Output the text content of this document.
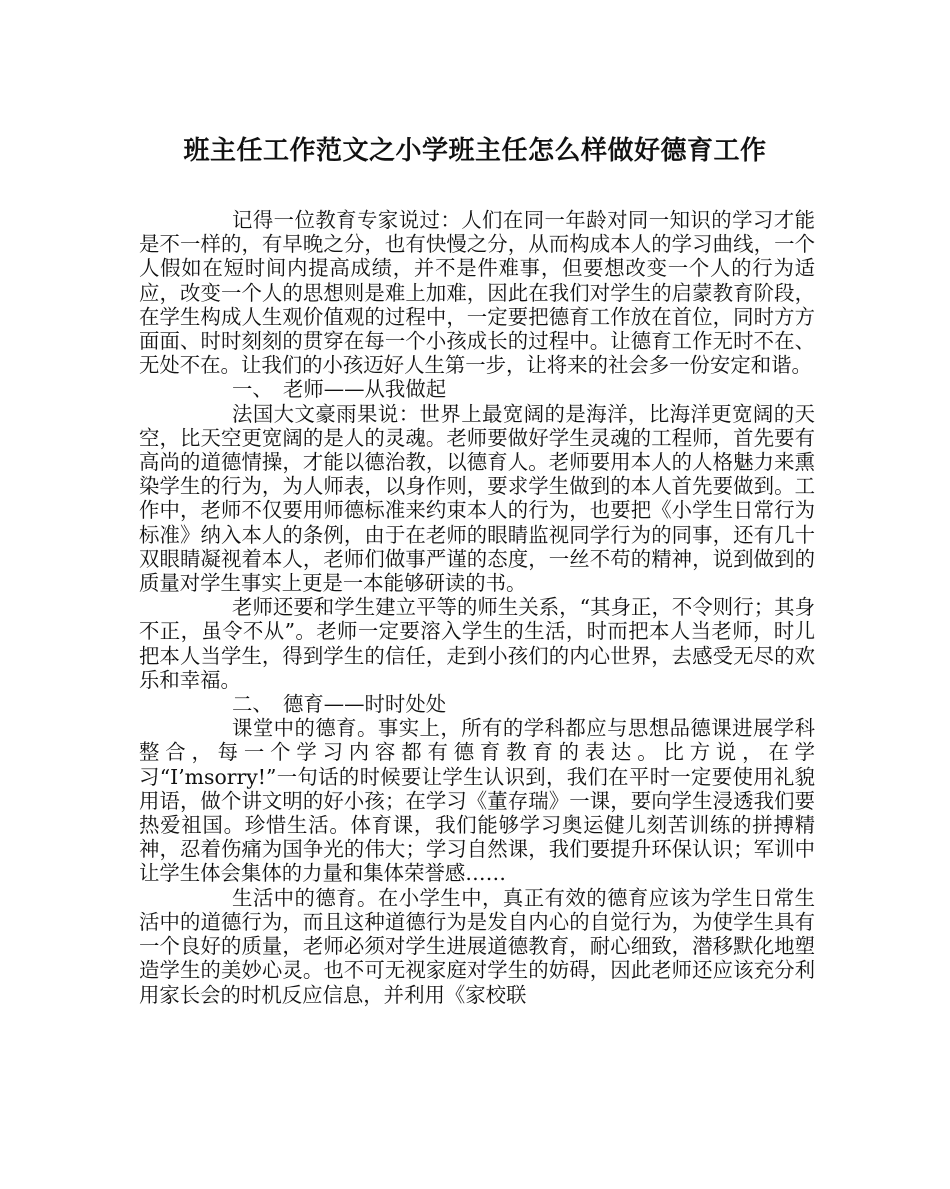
班主任工作范文之小学班主任怎么样做好德育工作

记得一位教育专家说过：人们在同一年龄对同一知识的学习才能是不一样的，有早晚之分，也有快慢之分，从而构成本人的学习曲线，一个人假如在短时间内提高成绩，并不是件难事，但要想改变一个人的行为适应，改变一个人的思想则是难上加难，因此在我们对学生的启蒙教育阶段，在学生构成人生观价值观的过程中，一定要把德育工作放在首位，同时方方面面、时时刻刻的贯穿在每一个小孩成长的过程中。让德育工作无时不在、无处不在。让我们的小孩迈好人生第一步，让将来的社会多一份安定和谐。

一、　老师——从我做起

法国大文豪雨果说：世界上最宽阔的是海洋，比海洋更宽阔的天空，比天空更宽阔的是人的灵魂。老师要做好学生灵魂的工程师，首先要有高尚的道德情操，才能以德治教，以德育人。老师要用本人的人格魅力来熏染学生的行为，为人师表，以身作则，要求学生做到的本人首先要做到。工作中，老师不仅要用师德标准来约束本人的行为，也要把《小学生日常行为标准》纳入本人的条例，由于在老师的眼睛监视同学行为的同事，还有几十双眼睛凝视着本人，老师们做事严谨的态度，一丝不苟的精神，说到做到的质量对学生事实上更是一本能够研读的书。

老师还要和学生建立平等的师生关系，“其身正，不令则行；其身不正，虽令不从”。老师一定要溶入学生的生活，时而把本人当老师，时儿把本人当学生，得到学生的信任，走到小孩们的内心世界，去感受无尽的欢乐和幸福。

二、　德育——时时处处

课堂中的德育。事实上，所有的学科都应与思想品德课进展学科整合，每一个学习内容都有德育教育的表达。比方说，在学习“I’msorry!”一句话的时候要让学生认识到，我们在平时一定要使用礼貌用语，做个讲文明的好小孩；在学习《董存瑞》一课，要向学生浸透我们要热爱祖国。珍惜生活。体育课，我们能够学习奥运健儿刻苦训练的拼搏精神，忍着伤痛为国争光的伟大；学习自然课，我们要提升环保认识；军训中让学生体会集体的力量和集体荣誉感……

生活中的德育。在小学生中，真正有效的德育应该为学生日常生活中的道德行为，而且这种道德行为是发自内心的自觉行为，为使学生具有一个良好的质量，老师必须对学生进展道德教育，耐心细致，潜移默化地塑造学生的美妙心灵。也不可无视家庭对学生的妨碍，因此老师还应该充分利用家长会的时机反应信息，并利用《家校联
